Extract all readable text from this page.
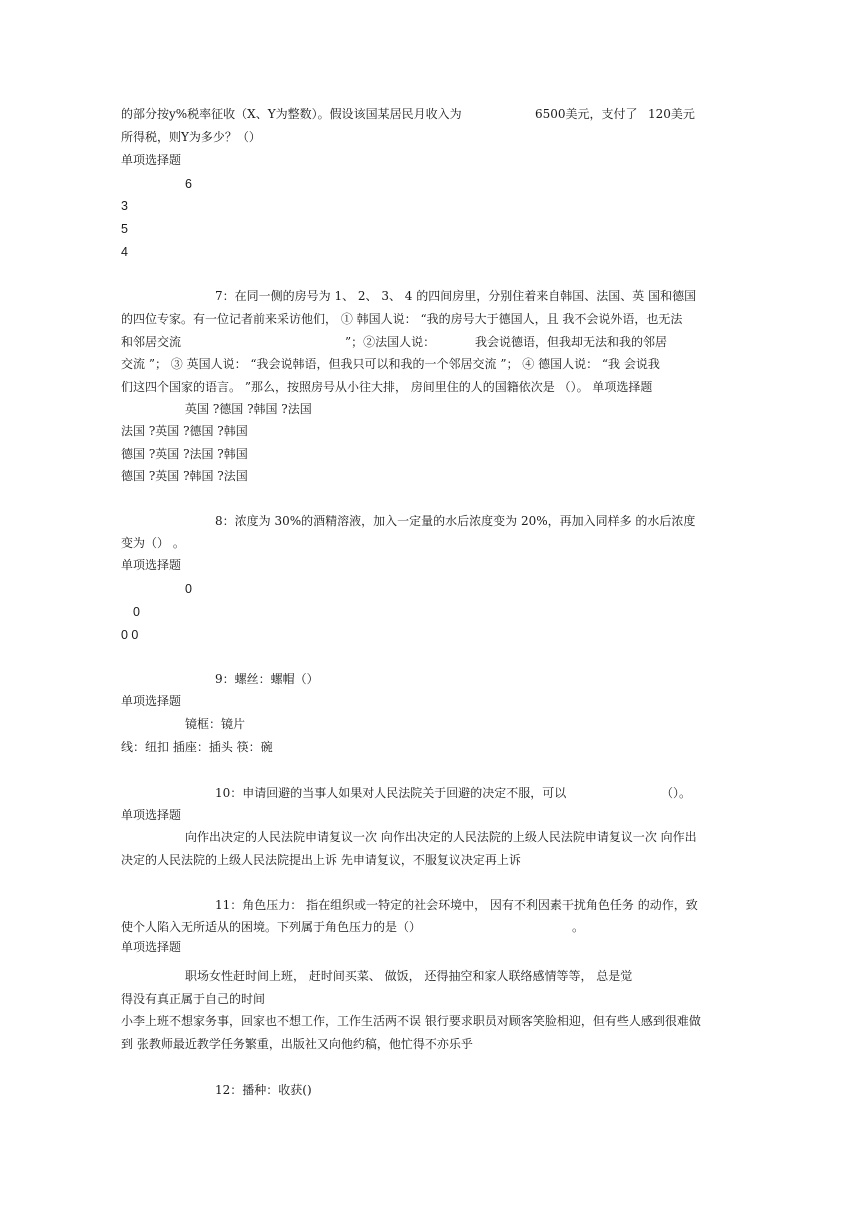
的部分按y%税率征收（X、Y为整数）。假设该国某居民月收入为	6500美元，支付了 120美元
所得税，则Y为多少？（）
单项选择题
6
3
5
4
7：在同一侧的房号为 1、 2、 3、 4 的四间房里，分别住着来自韩国、法国、英 国和德国
的四位专家。有一位记者前来采访他们， ① 韩国人说： “我的房号大于德国人，且 我不会说外语，也无法
和邻居交流	”；②法国人说：	我会说德语，但我却无法和我的邻居
交流 ”； ③ 英国人说： “我会说韩语，但我只可以和我的一个邻居交流 ”； ④ 德国人说： “我 会说我
们这四个国家的语言。 ”那么，按照房号从小往大排， 房间里住的人的国籍依次是 （）。 单项选择题
英国 ?德国 ?韩国 ?法国
法国 ?英国 ?德国 ?韩国
德国 ?英国 ?法国 ?韩国
德国 ?英国 ?韩国 ?法国
8：浓度为 30%的酒精溶液，加入一定量的水后浓度变为 20%，再加入同样多 的水后浓度
变为（） 。
单项选择题
0
0
0 0
9：螺丝：螺帽（）
单项选择题
镜框：镜片
线：纽扣 插座：插头 筷：碗
10：申请回避的当事人如果对人民法院关于回避的决定不服，可以	（）。
单项选择题
向作出决定的人民法院申请复议一次 向作出决定的人民法院的上级人民法院申请复议一次 向作出
决定的人民法院的上级人民法院提出上诉 先申请复议，不服复议决定再上诉
11：角色压力： 指在组织或一特定的社会环境中， 因有不利因素干扰角色任务 的动作，致
使个人陷入无所适从的困境。下列属于角色压力的是（）	。
单项选择题
职场女性赶时间上班， 赶时间买菜、 做饭， 还得抽空和家人联络感情等等， 总是觉
得没有真正属于自己的时间
小李上班不想家务事，回家也不想工作，工作生活两不误 银行要求职员对顾客笑脸相迎，但有些人感到很难做
到 张教师最近教学任务繁重，出版社又向他约稿，他忙得不亦乐乎
12：播种：收获()
